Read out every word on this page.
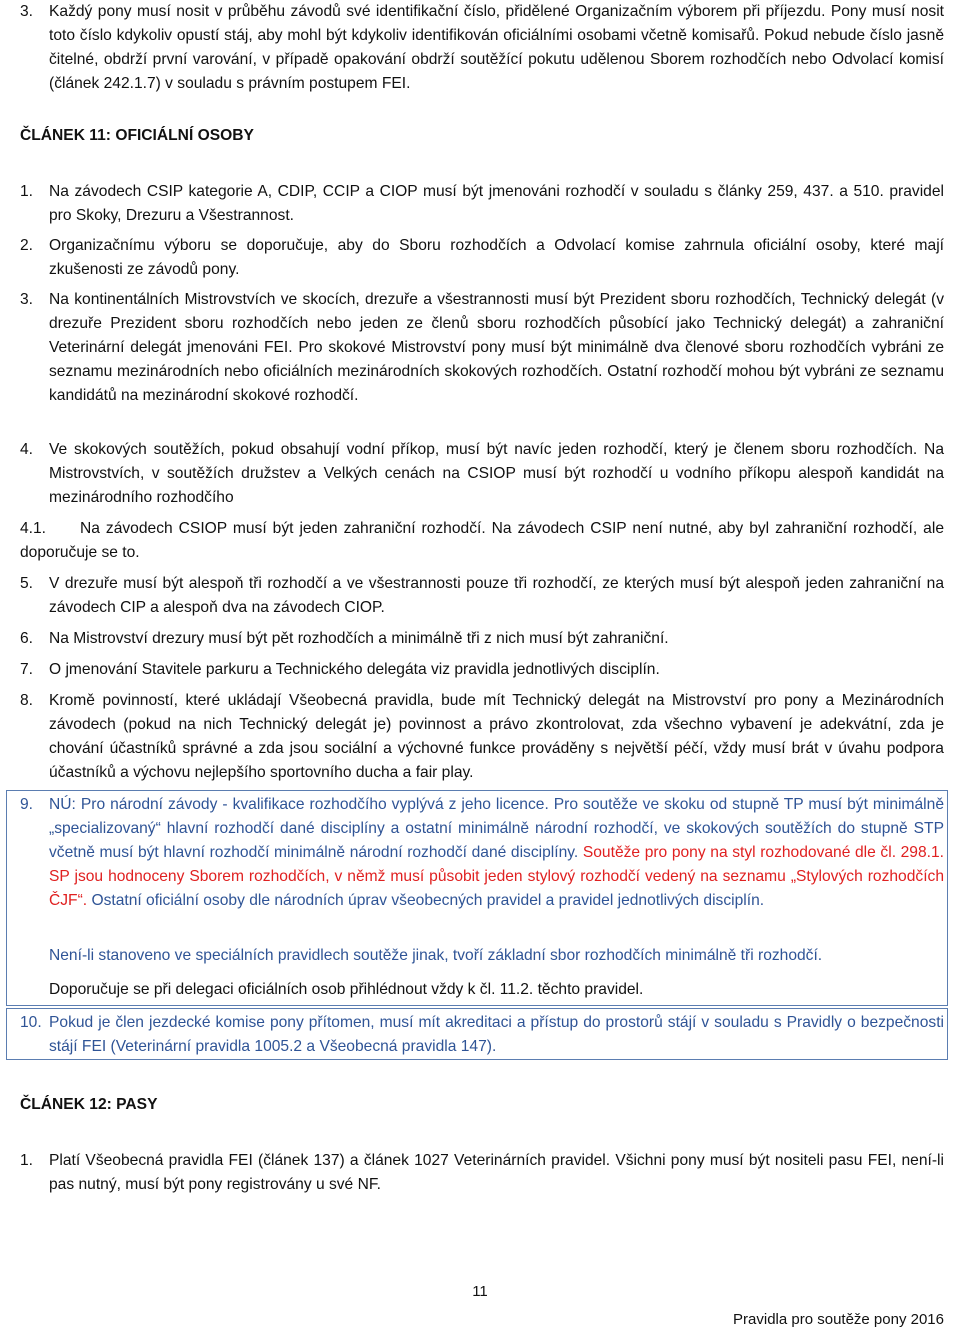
3.	Každý pony musí nosit v průběhu závodů své identifikační číslo, přidělené Organizačním výborem při příjezdu. Pony musí nosit toto číslo kdykoliv opustí stáj, aby mohl být kdykoliv identifikován oficiálními osobami včetně komisařů. Pokud nebude číslo jasně čitelné, obdrží první varování, v případě opakování obdrží soutěžící pokutu udělenou Sborem rozhodčích nebo Odvolací komisí (článek 242.1.7) v souladu s právním postupem FEI.
ČLÁNEK 11: OFICIÁLNÍ OSOBY
1.	Na závodech CSIP kategorie A, CDIP, CCIP a CIOP musí být jmenováni rozhodčí v souladu s články 259, 437. a 510. pravidel pro Skoky, Drezuru a Všestrannost.
2.	Organizačnímu výboru se doporučuje, aby do Sboru rozhodčích a Odvolací komise zahrnula oficiální osoby, které mají zkušenosti ze závodů pony.
3.	Na kontinentálních Mistrovstvích ve skocích, drezuře a všestrannosti musí být Prezident sboru rozhodčích, Technický delegát (v drezuře Prezident sboru rozhodčích nebo jeden ze členů sboru rozhodčích působící jako Technický delegát) a zahraniční Veterinární delegát jmenováni FEI. Pro skokové Mistrovství pony musí být minimálně dva členové sboru rozhodčích vybráni ze seznamu mezinárodních nebo oficiálních mezinárodních skokových rozhodčích. Ostatní rozhodčí mohou být vybráni ze seznamu kandidátů na mezinárodní skokové rozhodčí.
4.	Ve skokových soutěžích, pokud obsahují vodní příkop, musí být navíc jeden rozhodčí, který je členem sboru rozhodčích. Na Mistrovstvích, v soutěžích družstev a Velkých cenách na CSIOP musí být rozhodčí u vodního příkopu alespoň kandidát na mezinárodního rozhodčího
4.1.	Na závodech CSIOP musí být jeden zahraniční rozhodčí. Na závodech CSIP není nutné, aby byl zahraniční rozhodčí, ale doporučuje se to.
5.	V drezuře musí být alespoň tři rozhodčí a ve všestrannosti pouze tři rozhodčí, ze kterých musí být alespoň jeden zahraniční na závodech CIP a alespoň dva na závodech CIOP.
6.	Na Mistrovství drezury musí být pět rozhodčích a minimálně tři z nich musí být zahraniční.
7.	O jmenování Stavitele parkuru a Technického delegáta viz pravidla jednotlivých disciplín.
8.	Kromě povinností, které ukládají Všeobecná pravidla, bude mít Technický delegát na Mistrovství pro pony a Mezinárodních závodech (pokud na nich Technický delegát je) povinnost a právo zkontrolovat, zda všechno vybavení je adekvátní, zda je chování účastníků správné a zda jsou sociální a výchovné funkce prováděny s největší péčí, vždy musí brát v úvahu podpora účastníků a výchovu nejlepšího sportovního ducha a fair play.
9.	NÚ: Pro národní závody - kvalifikace rozhodčího vyplývá z jeho licence. Pro soutěže ve skoku od stupně TP musí být minimálně „specializovaný“ hlavní rozhodčí dané disciplíny a ostatní minimálně národní rozhodčí, ve skokových soutěžích do stupně STP včetně musí být hlavní rozhodčí minimálně národní rozhodčí dané disciplíny. Soutěže pro pony na styl rozhodované dle čl. 298.1. SP jsou hodnoceny Sborem rozhodčích, v němž musí působit jeden stylový rozhodčí vedený na seznamu „Stylových rozhodčích ČJF“. Ostatní oficiální osoby dle národních úprav všeobecných pravidel a pravidel jednotlivých disciplín.
Není-li stanoveno ve speciálních pravidlech soutěže jinak, tvoří základní sbor rozhodčích minimálně tři rozhodčí.
Doporučuje se při delegaci oficiálních osob přihlédnout vždy k čl. 11.2. těchto pravidel.
10. Pokud je člen jezdecké komise pony přítomen, musí mít akreditaci a přístup do prostorů stájí v souladu s Pravidly o bezpečnosti stájí FEI (Veterinární pravidla 1005.2 a Všeobecná pravidla 147).
ČLÁNEK 12: PASY
1.	Platí Všeobecná pravidla FEI (článek 137) a článek 1027 Veterinárních pravidel. Všichni pony musí být nositeli pasu FEI, není-li pas nutný, musí být pony registrovány u své NF.
11
Pravidla pro soutěže pony 2016
